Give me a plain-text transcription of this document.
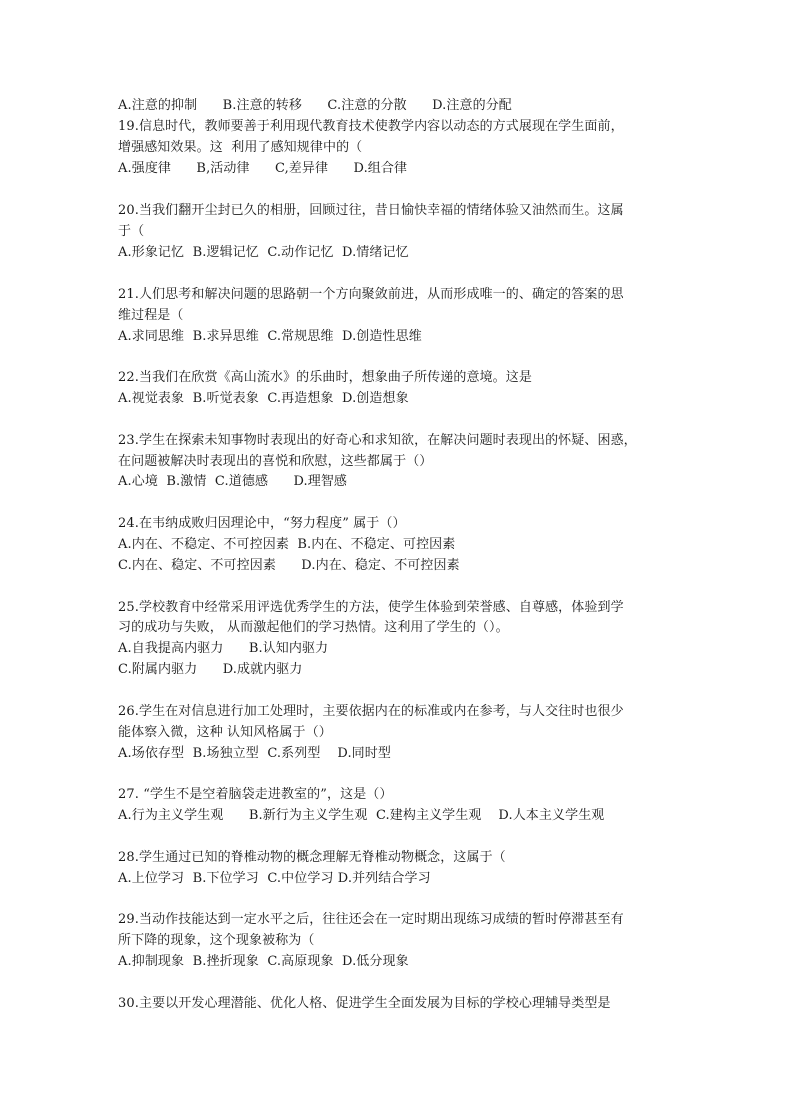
A.注意的抑制      B.注意的转移      C.注意的分散      D.注意的分配
19.信息时代，教师要善于利用现代教育技术使教学内容以动态的方式展现在学生面前，
增强感知效果。这  利用了感知规律中的（
A.强度律      B,活动律      C,差异律      D.组合律
20.当我们翻开尘封已久的相册，回顾过往，昔日愉快幸福的情绪体验又油然而生。这属
于（
A.形象记忆  B.逻辑记忆  C.动作记忆  D.情绪记忆
21.人们思考和解决问题的思路朝一个方向聚敛前进，从而形成唯一的、确定的答案的思
维过程是（
A.求同思维  B.求异思维  C.常规思维  D.创造性思维
22.当我们在欣赏《高山流水》的乐曲时，想象曲子所传递的意境。这是
A.视觉表象  B.听觉表象  C.再造想象  D.创造想象
23.学生在探索未知事物时表现出的好奇心和求知欲，在解决问题时表现出的怀疑、困惑，
在问题被解决时表现出的喜悦和欣慰，这些都属于（）
A.心境  B.激情  C.道德感      D.理智感
24.在韦纳成败归因理论中，“努力程度” 属于（）
A.内在、不稳定、不可控因素  B.内在、不稳定、可控因素
C.内在、稳定、不可控因素      D.内在、稳定、不可控因素
25.学校教育中经常采用评选优秀学生的方法，使学生体验到荣誉感、自尊感，体验到学
习的成功与失败， 从而激起他们的学习热情。这利用了学生的（）。
A.自我提高内驱力      B.认知内驱力
C.附属内驱力      D.成就内驱力
26.学生在对信息进行加工处理时，主要依据内在的标准或内在参考，与人交往时也很少
能体察入微，这种 认知风格属于（）
A.场依存型  B.场独立型  C.系列型    D.同时型
27. “学生不是空着脑袋走进教室的”，这是（）
A.行为主义学生观      B.新行为主义学生观  C.建构主义学生观    D.人本主义学生观
28.学生通过已知的脊椎动物的概念理解无脊椎动物概念，这属于（
A.上位学习  B.下位学习  C.中位学习 D.并列结合学习
29.当动作技能达到一定水平之后，往往还会在一定时期出现练习成绩的暂时停滞甚至有
所下降的现象，这个现象被称为（
A.抑制现象  B.挫折现象  C.高原现象  D.低分现象
30.主要以开发心理潜能、优化人格、促进学生全面发展为目标的学校心理辅导类型是
